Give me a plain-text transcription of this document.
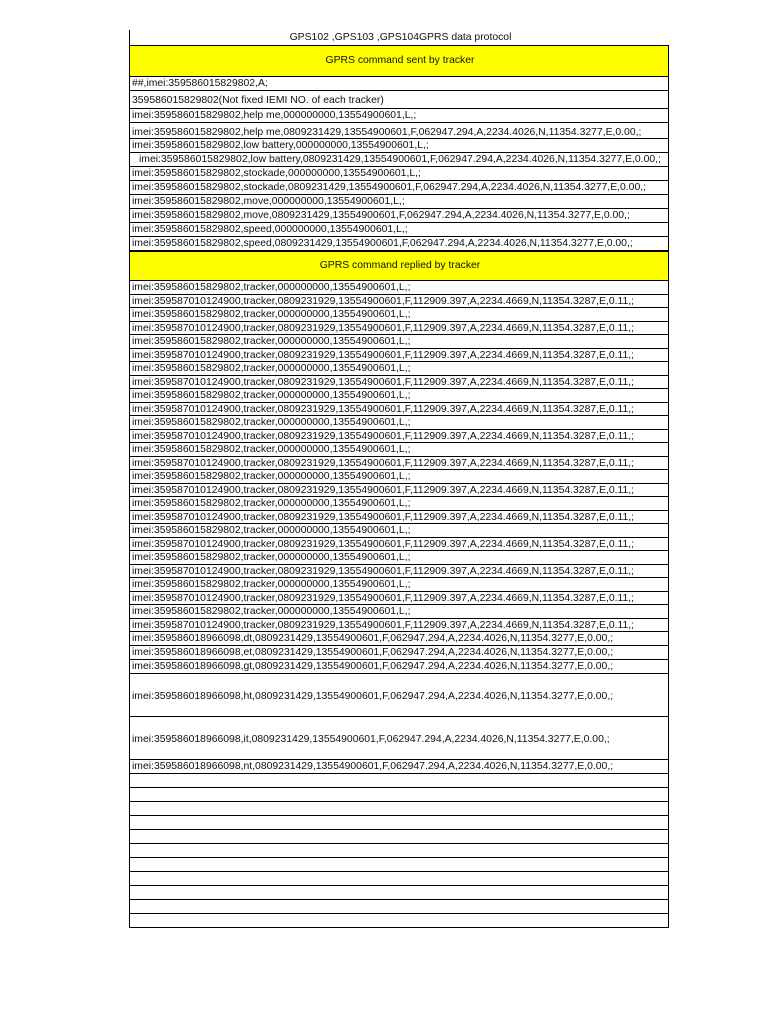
GPS102 ,GPS103 ,GPS104GPRS data protocol
GPRS command sent by tracker
##,imei:359586015829802,A;
359586015829802(Not fixed IEMI NO. of each tracker)
imei:359586015829802,help me,000000000,13554900601,L,;
imei:359586015829802,help me,0809231429,13554900601,F,062947.294,A,2234.4026,N,11354.3277,E,0.00,;
imei:359586015829802,low battery,000000000,13554900601,L,;
imei:359586015829802,low battery,0809231429,13554900601,F,062947.294,A,2234.4026,N,11354.3277,E,0.00,;
imei:359586015829802,stockade,000000000,13554900601,L,;
imei:359586015829802,stockade,0809231429,13554900601,F,062947.294,A,2234.4026,N,11354.3277,E,0.00,;
imei:359586015829802,move,000000000,13554900601,L,;
imei:359586015829802,move,0809231429,13554900601,F,062947.294,A,2234.4026,N,11354.3277,E,0.00,;
imei:359586015829802,speed,000000000,13554900601,L,;
imei:359586015829802,speed,0809231429,13554900601,F,062947.294,A,2234.4026,N,11354.3277,E,0.00,;
GPRS command replied by tracker
imei:359586015829802,tracker,000000000,13554900601,L,;
imei:359587010124900,tracker,0809231929,13554900601,F,112909.397,A,2234.4669,N,11354.3287,E,0.11,;
imei:359586015829802,tracker,000000000,13554900601,L,;
imei:359587010124900,tracker,0809231929,13554900601,F,112909.397,A,2234.4669,N,11354.3287,E,0.11,;
imei:359586015829802,tracker,000000000,13554900601,L,;
imei:359587010124900,tracker,0809231929,13554900601,F,112909.397,A,2234.4669,N,11354.3287,E,0.11,;
imei:359586015829802,tracker,000000000,13554900601,L,;
imei:359587010124900,tracker,0809231929,13554900601,F,112909.397,A,2234.4669,N,11354.3287,E,0.11,;
imei:359586015829802,tracker,000000000,13554900601,L,;
imei:359587010124900,tracker,0809231929,13554900601,F,112909.397,A,2234.4669,N,11354.3287,E,0.11,;
imei:359586015829802,tracker,000000000,13554900601,L,;
imei:359587010124900,tracker,0809231929,13554900601,F,112909.397,A,2234.4669,N,11354.3287,E,0.11,;
imei:359586015829802,tracker,000000000,13554900601,L,;
imei:359587010124900,tracker,0809231929,13554900601,F,112909.397,A,2234.4669,N,11354.3287,E,0.11,;
imei:359586015829802,tracker,000000000,13554900601,L,;
imei:359587010124900,tracker,0809231929,13554900601,F,112909.397,A,2234.4669,N,11354.3287,E,0.11,;
imei:359586015829802,tracker,000000000,13554900601,L,;
imei:359587010124900,tracker,0809231929,13554900601,F,112909.397,A,2234.4669,N,11354.3287,E,0.11,;
imei:359586015829802,tracker,000000000,13554900601,L,;
imei:359587010124900,tracker,0809231929,13554900601,F,112909.397,A,2234.4669,N,11354.3287,E,0.11,;
imei:359586015829802,tracker,000000000,13554900601,L,;
imei:359587010124900,tracker,0809231929,13554900601,F,112909.397,A,2234.4669,N,11354.3287,E,0.11,;
imei:359586015829802,tracker,000000000,13554900601,L,;
imei:359587010124900,tracker,0809231929,13554900601,F,112909.397,A,2234.4669,N,11354.3287,E,0.11,;
imei:359586015829802,tracker,000000000,13554900601,L,;
imei:359587010124900,tracker,0809231929,13554900601,F,112909.397,A,2234.4669,N,11354.3287,E,0.11,;
imei:359586018966098,dt,0809231429,13554900601,F,062947.294,A,2234.4026,N,11354.3277,E,0.00,;
imei:359586018966098,et,0809231429,13554900601,F,062947.294,A,2234.4026,N,11354.3277,E,0.00,;
imei:359586018966098,gt,0809231429,13554900601,F,062947.294,A,2234.4026,N,11354.3277,E,0.00,;
imei:359586018966098,ht,0809231429,13554900601,F,062947.294,A,2234.4026,N,11354.3277,E,0.00,;
imei:359586018966098,it,0809231429,13554900601,F,062947.294,A,2234.4026,N,11354.3277,E,0.00,;
imei:359586018966098,nt,0809231429,13554900601,F,062947.294,A,2234.4026,N,11354.3277,E,0.00,;
